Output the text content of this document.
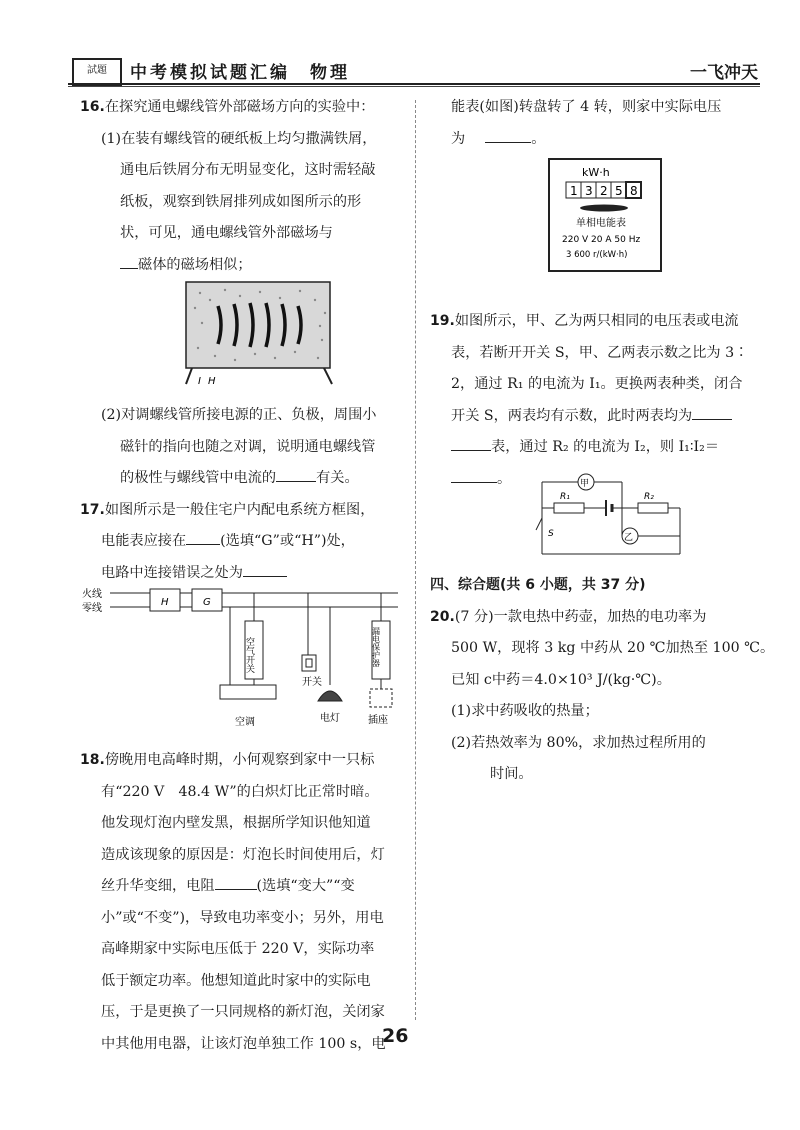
試題	中考模拟试题汇编　物理	一飞冲天
16.在探究通电螺线管外部磁场方向的实验中：
(1)在装有螺线管的硬纸板上均匀撒满铁屑，
通电后铁屑分布无明显变化，这时需轻敲
纸板，观察到铁屑排列成如图所示的形
状，可见，通电螺线管外部磁场与
磁体的磁场相似；
I H
(2)对调螺线管所接电源的正、负极，周围小
磁针的指向也随之对调，说明通电螺线管
的极性与螺线管中电流的	有关。
17.如图所示是一般住宅户内配电系统方框图，
电能表应接在 (选填“G”或“H”)处，
电路中连接错误之处为
火线
零线
H	G
空气开关	漏电保护器
开关
空调	电灯	插座
18.傍晚用电高峰时期，小何观察到家中一只标
有“220 V　48.4 W”的白炽灯比正常时暗。
他发现灯泡内壁发黑，根据所学知识他知道
造成该现象的原因是：灯泡长时间使用后，灯
丝升华变细，电阻	(选填“变大”“变
小”或“不变”)，导致电功率变小；另外，用电
高峰期家中实际电压低于 220 V，实际功率
低于额定功率。他想知道此时家中的实际电
压，于是更换了一只同规格的新灯泡，关闭家
中其他用电器，让该灯泡单独工作 100 s，电
能表(如图)转盘转了 4 转，则家中实际电压
为	。
kW·h
1 3 2 5 8
单相电能表
220 V 20 A 50 Hz
3 600 r/(kW·h)
19.如图所示，甲、乙为两只相同的电压表或电流
表，若断开开关 S，甲、乙两表示数之比为 3∶
2，通过 R₁ 的电流为 I₁。更换两表种类，闭合
开关 S，两表均有示数，此时两表均为
表，通过 R₂ 的电流为 I₂，则 I₁∶I₂＝
。	甲
乙
R₁	R₂
S
四、综合题(共 6 小题，共 37 分)
20.(7 分)一款电热中药壶，加热的电功率为
500 W，现将 3 kg 中药从 20 ℃加热至 100 ℃。
已知 c中药＝4.0×10³ J/(kg·℃)。
(1)求中药吸收的热量；
(2)若热效率为 80%，求加热过程所用的
时间。
26
